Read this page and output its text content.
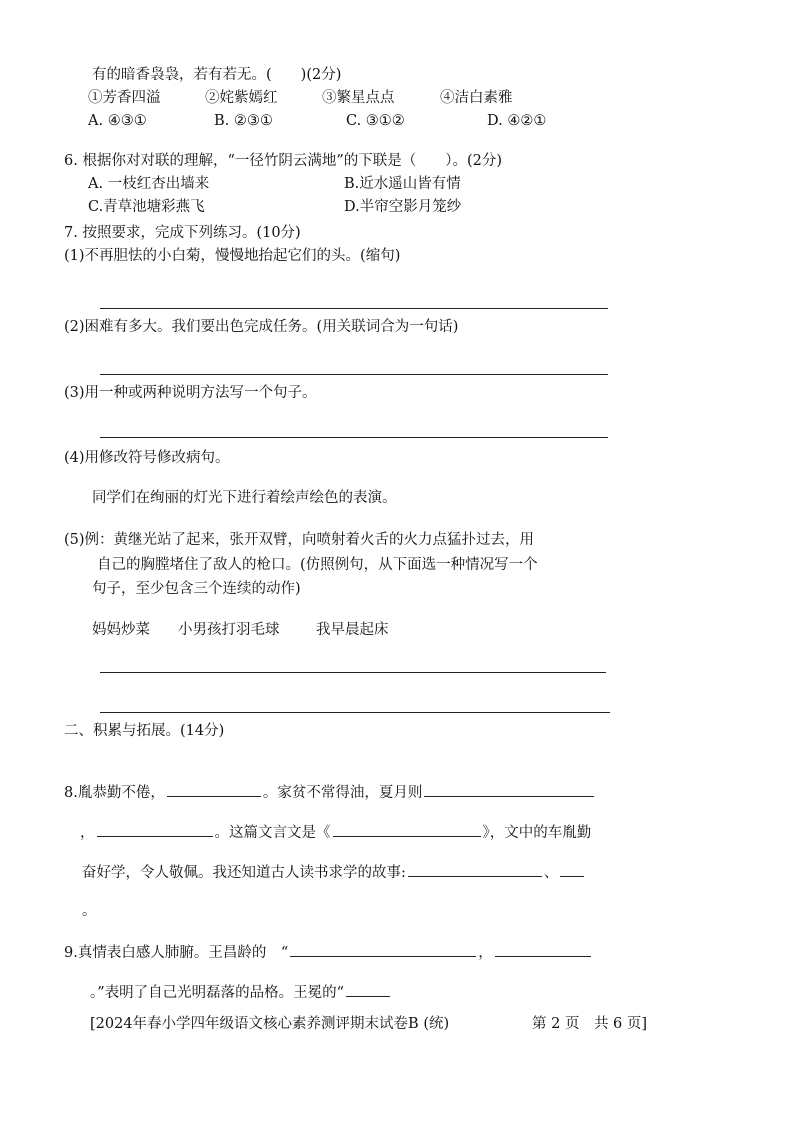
有的暗香袅袅，若有若无。(　　)(2分)
①芳香四溢	②姹紫嫣红	③繁星点点	④洁白素雅
A. ④③①	B. ②③①	C. ③①②	D. ④②①
6. 根据你对对联的理解，“一径竹阴云满地”的下联是（　　）。(2分)
A. 一枝红杏出墙来	B.近水遥山皆有情
C.青草池塘彩燕飞	D.半帘空影月笼纱
7. 按照要求，完成下列练习。(10分)
(1)不再胆怯的小白菊，慢慢地抬起它们的头。(缩句)
(2)困难有多大。我们要出色完成任务。(用关联词合为一句话)
(3)用一种或两种说明方法写一个句子。
(4)用修改符号修改病句。
同学们在绚丽的灯光下进行着绘声绘色的表演。
(5)例：黄继光站了起来，张开双臂，向喷射着火舌的火力点猛扑过去，用
自己的胸膛堵住了敌人的枪口。(仿照例句，从下面选一种情况写一个
句子，至少包含三个连续的动作)
妈妈炒菜 小男孩打羽毛球	我早晨起床
二、积累与拓展。(14分)
8.胤恭勤不倦，	。家贫不常得油，夏月则
，	。这篇文言文是《	》，文中的车胤勤
奋好学，令人敬佩。我还知道古人读书求学的故事:	、
。
9.真情表白感人肺腑。王昌龄的　“	，
。”表明了自己光明磊落的品格。王冕的“
[2024年春小学四年级语文核心素养测评期末试卷B (统)	第 2 页　共 6 页]
